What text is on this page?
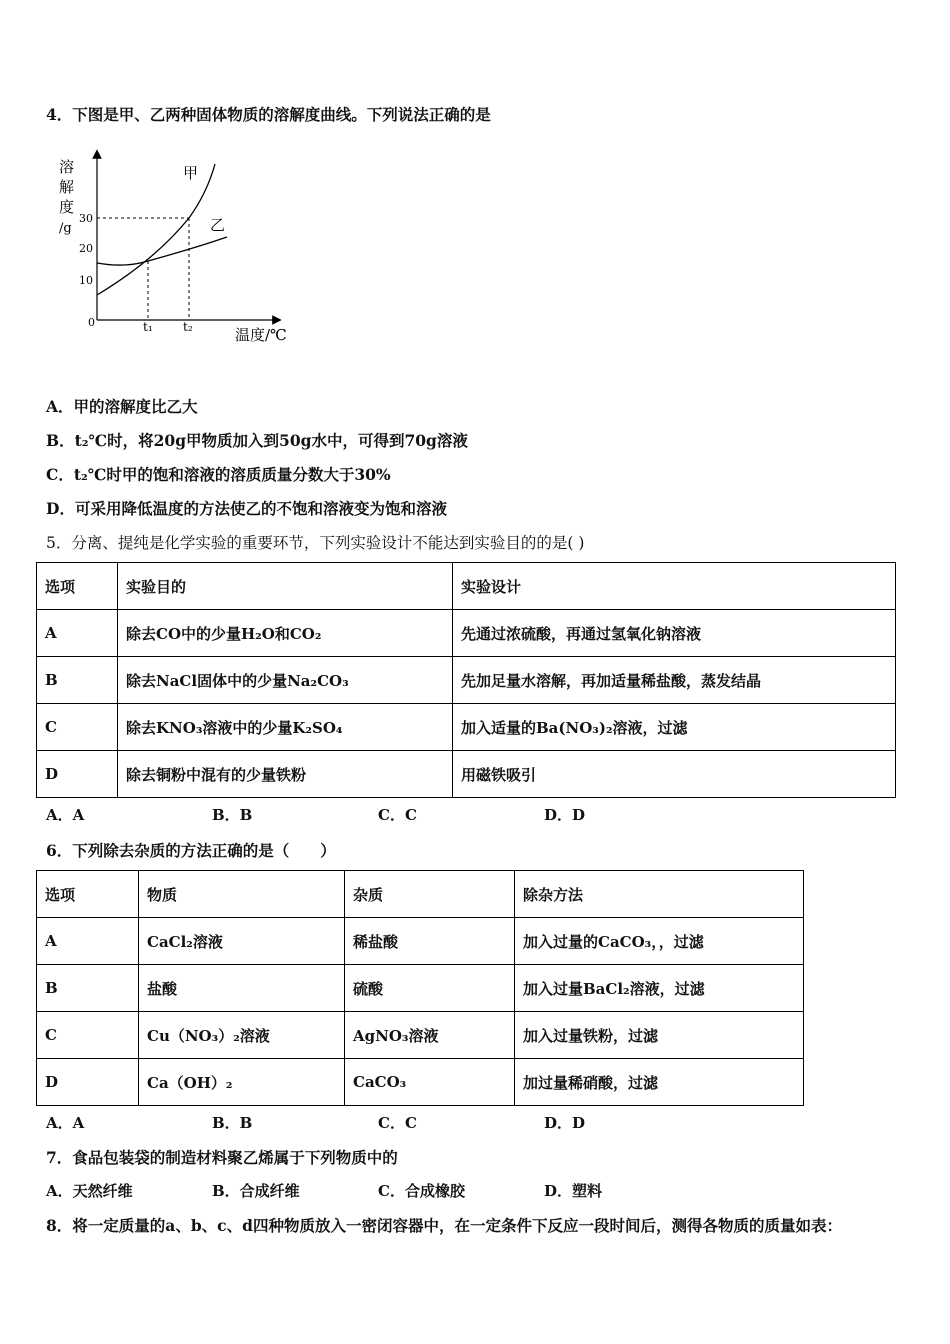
4．下图是甲、乙两种固体物质的溶解度曲线。下列说法正确的是
溶
解
度
/g
30
20
10
0	t₁	t₂	温度/℃
甲
乙
A．甲的溶解度比乙大
B．t₂℃时，将20g甲物质加入到50g水中，可得到70g溶液
C．t₂℃时甲的饱和溶液的溶质质量分数大于30%
D．可采用降低温度的方法使乙的不饱和溶液变为饱和溶液
5．分离、提纯是化学实验的重要环节，下列实验设计不能达到实验目的的是( )
选项	实验目的	实验设计
A	除去CO中的少量H₂O和CO₂	先通过浓硫酸，再通过氢氧化钠溶液
B	除去NaCl固体中的少量Na₂CO₃	先加足量水溶解，再加适量稀盐酸，蒸发结晶
C	除去KNO₃溶液中的少量K₂SO₄	加入适量的Ba(NO₃)₂溶液，过滤
D	除去铜粉中混有的少量铁粉	用磁铁吸引
A．A	B．B	C．C	D．D
6．下列除去杂质的方法正确的是（　　）
选项	物质	杂质	除杂方法
A	CaCl₂溶液	稀盐酸	加入过量的CaCO₃，，过滤
B	盐酸	硫酸	加入过量BaCl₂溶液，过滤
C	Cu（NO₃）₂溶液	AgNO₃溶液	加入过量铁粉，过滤
D	Ca（OH）₂	CaCO₃	加过量稀硝酸，过滤
A．A	B．B	C．C	D．D
7．食品包装袋的制造材料聚乙烯属于下列物质中的
A．天然纤维	B．合成纤维	C．合成橡胶	D．塑料
8．将一定质量的a、b、c、d四种物质放入一密闭容器中，在一定条件下反应一段时间后，测得各物质的质量如表：
